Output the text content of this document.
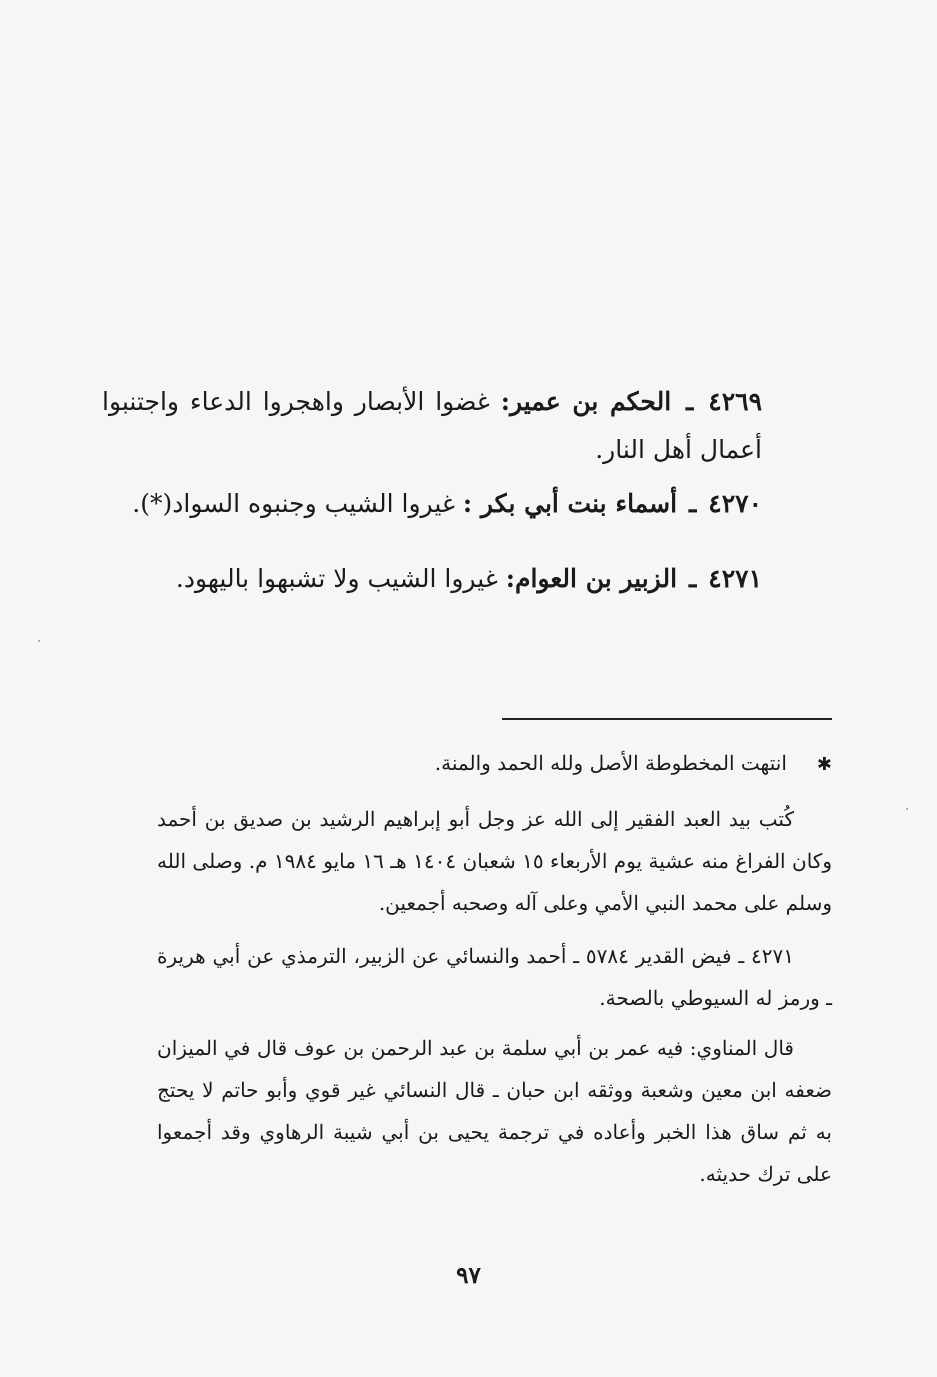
٤٢٦٩ ـ الحكم بن عمير: غضوا الأبصار واهجروا الدعاء واجتنبوا أعمال أهل النار.
٤٢٧٠ ـ أسماء بنت أبي بكر : غيروا الشيب وجنبوه السواد(*).
٤٢٧١ ـ الزبير بن العوام: غيروا الشيب ولا تشبهوا باليهود.
✱انتهت المخطوطة الأصل ولله الحمد والمنة.
كُتب بيد العبد الفقير إلى الله عز وجل أبو إبراهيم الرشيد بن صديق بن أحمد وكان الفراغ منه عشية يوم الأربعاء ١٥ شعبان ١٤٠٤ هـ ١٦ مايو ١٩٨٤ م. وصلى الله وسلم على محمد النبي الأمي وعلى آله وصحبه أجمعين.
٤٢٧١ ـ فيض القدير ٥٧٨٤ ـ أحمد والنسائي عن الزبير، الترمذي عن أبي هريرة ـ ورمز له السيوطي بالصحة.
قال المناوي: فيه عمر بن أبي سلمة بن عبد الرحمن بن عوف قال في الميزان ضعفه ابن معين وشعبة ووثقه ابن حبان ـ قال النسائي غير قوي وأبو حاتم لا يحتج به ثم ساق هذا الخبر وأعاده في ترجمة يحيى بن أبي شيبة الرهاوي وقد أجمعوا على ترك حديثه.
٩٧
